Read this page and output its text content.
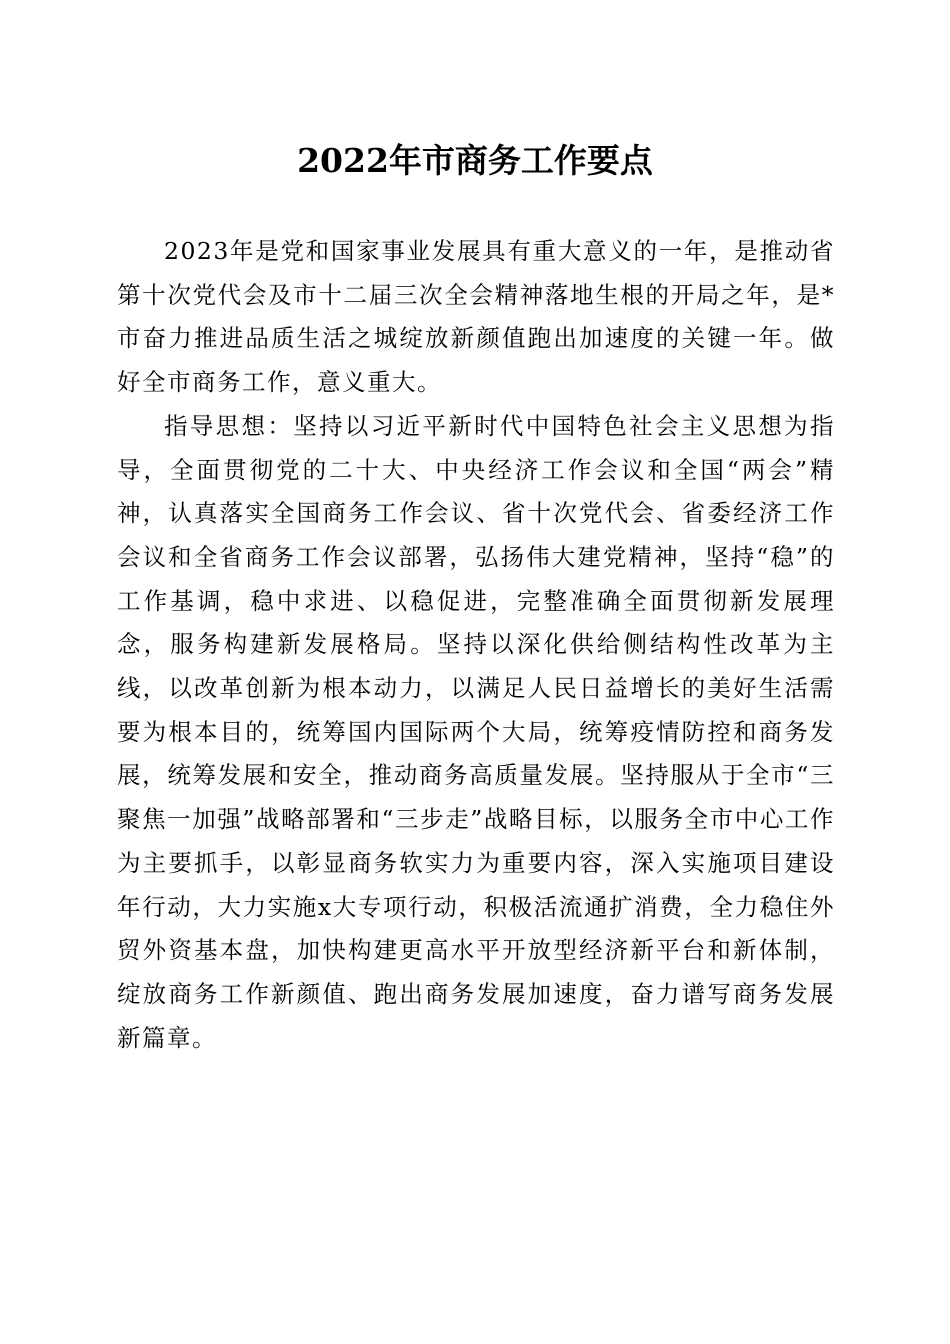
2022年市商务工作要点

2023年是党和国家事业发展具有重大意义的一年，是推动省第十次党代会及市十二届三次全会精神落地生根的开局之年，是*市奋力推进品质生活之城绽放新颜值跑出加速度的关键一年。做好全市商务工作，意义重大。

指导思想：坚持以习近平新时代中国特色社会主义思想为指导，全面贯彻党的二十大、中央经济工作会议和全国“两会”精神，认真落实全国商务工作会议、省十次党代会、省委经济工作会议和全省商务工作会议部署，弘扬伟大建党精神，坚持“稳”的工作基调，稳中求进、以稳促进，完整准确全面贯彻新发展理念，服务构建新发展格局。坚持以深化供给侧结构性改革为主线，以改革创新为根本动力，以满足人民日益增长的美好生活需要为根本目的，统筹国内国际两个大局，统筹疫情防控和商务发展，统筹发展和安全，推动商务高质量发展。坚持服从于全市“三聚焦一加强”战略部署和“三步走”战略目标，以服务全市中心工作为主要抓手，以彰显商务软实力为重要内容，深入实施项目建设年行动，大力实施x大专项行动，积极活流通扩消费，全力稳住外贸外资基本盘，加快构建更高水平开放型经济新平台和新体制，绽放商务工作新颜值、跑出商务发展加速度，奋力谱写商务发展新篇章。
